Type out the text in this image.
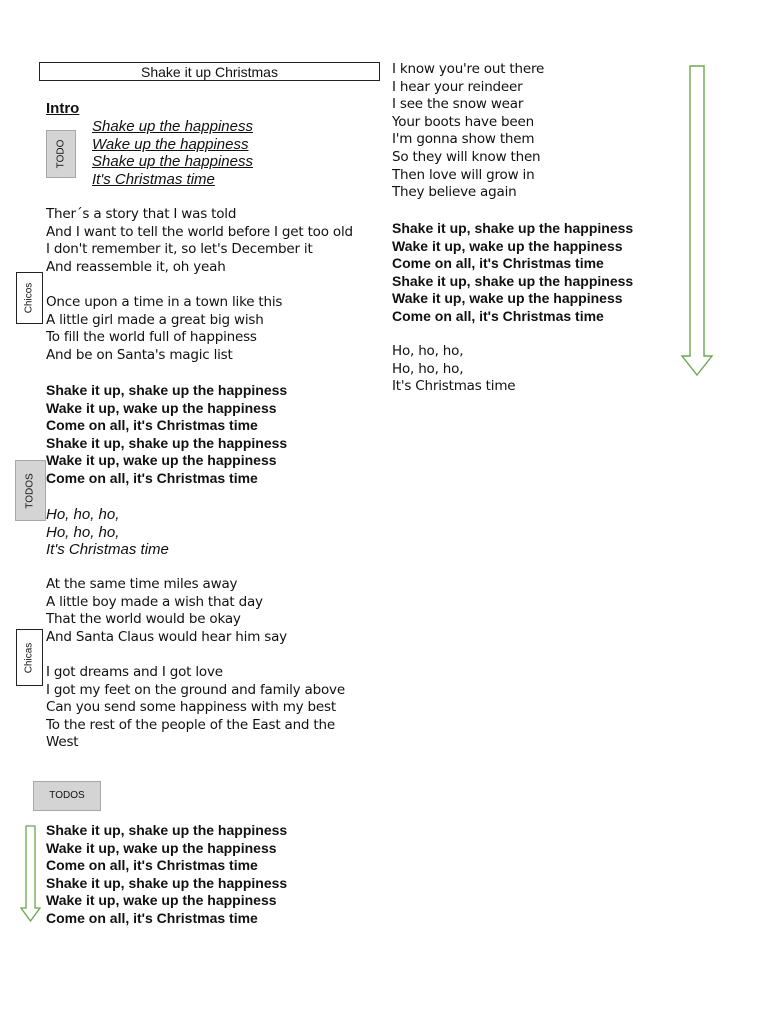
Shake it up Christmas
Intro
TODO
Chicos
TODOS
Chicas
TODOS
Shake up the happiness
Wake up the happiness
Shake up the happiness
It's Christmas time
Ther´s a story that I was told
And I want to tell the world before I get too old
I don't remember it, so let's December it
And reassemble it, oh yeah
Once upon a time in a town like this
A little girl made a great big wish
To fill the world full of happiness
And be on Santa's magic list
Shake it up, shake up the happiness
Wake it up, wake up the happiness
Come on all, it's Christmas time
Shake it up, shake up the happiness
Wake it up, wake up the happiness
Come on all, it's Christmas time
Ho, ho, ho,
Ho, ho, ho,
It's Christmas time
At the same time miles away
A little boy made a wish that day
That the world would be okay
And Santa Claus would hear him say
I got dreams and I got love
I got my feet on the ground and family above
Can you send some happiness with my best
To the rest of the people of the East and the
West
Shake it up, shake up the happiness
Wake it up, wake up the happiness
Come on all, it's Christmas time
Shake it up, shake up the happiness
Wake it up, wake up the happiness
Come on all, it's Christmas time
I know you're out there
I hear your reindeer
I see the snow wear
Your boots have been
I'm gonna show them
So they will know then
Then love will grow in
They believe again
Shake it up, shake up the happiness
Wake it up, wake up the happiness
Come on all, it's Christmas time
Shake it up, shake up the happiness
Wake it up, wake up the happiness
Come on all, it's Christmas time
Ho, ho, ho,
Ho, ho, ho,
It's Christmas time
